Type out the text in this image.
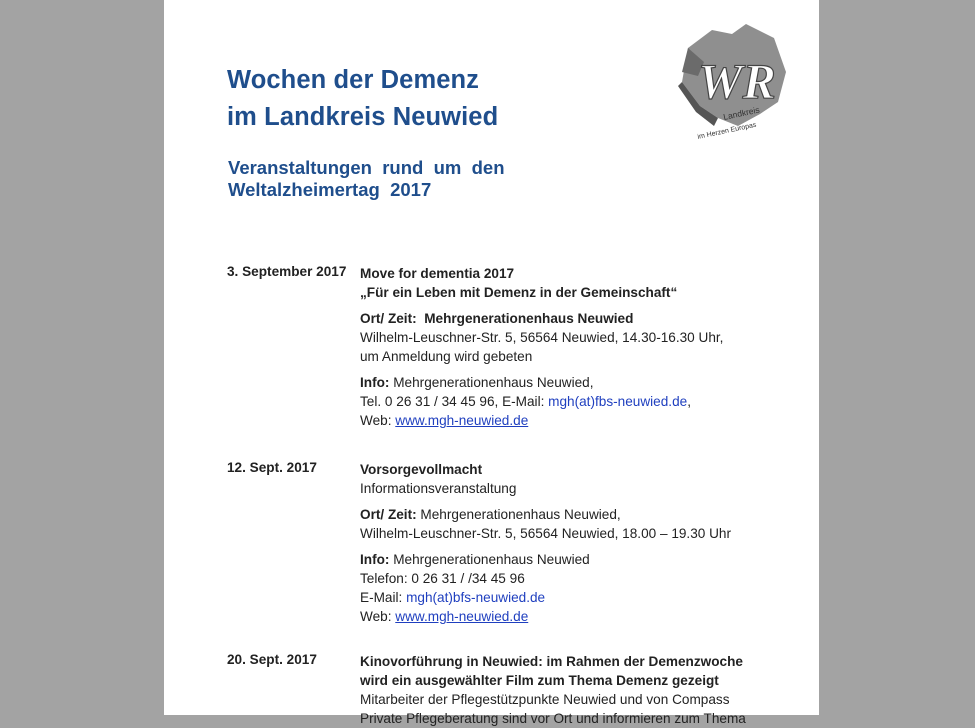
Wochen der Demenz
im Landkreis Neuwied
Veranstaltungen  rund  um  den
Weltalzheimertag  2017
WR
Landkreis
im Herzen Europas
3. September 2017 Move for dementia 2017
„Für ein Leben mit Demenz in der Gemeinschaft“
Ort/ Zeit:  Mehrgenerationenhaus Neuwied
Wilhelm-Leuschner-Str. 5, 56564 Neuwied, 14.30-16.30 Uhr,
um Anmeldung wird gebeten
Info: Mehrgenerationenhaus Neuwied,
Tel. 0 26 31 / 34 45 96, E-Mail: mgh(at)fbs-neuwied.de,
Web: www.mgh-neuwied.de
12. Sept. 2017	Vorsorgevollmacht
Informationsveranstaltung
Ort/ Zeit: Mehrgenerationenhaus Neuwied,
Wilhelm-Leuschner-Str. 5, 56564 Neuwied, 18.00 – 19.30 Uhr
Info: Mehrgenerationenhaus Neuwied
Telefon: 0 26 31 / /34 45 96
E-Mail: mgh(at)bfs-neuwied.de
Web: www.mgh-neuwied.de
20. Sept. 2017	Kinovorführung in Neuwied: im Rahmen der Demenzwoche
wird ein ausgewählter Film zum Thema Demenz gezeigt
Mitarbeiter der Pflegestützpunkte Neuwied und von Compass
Private Pflegeberatung sind vor Ort und informieren zum Thema
